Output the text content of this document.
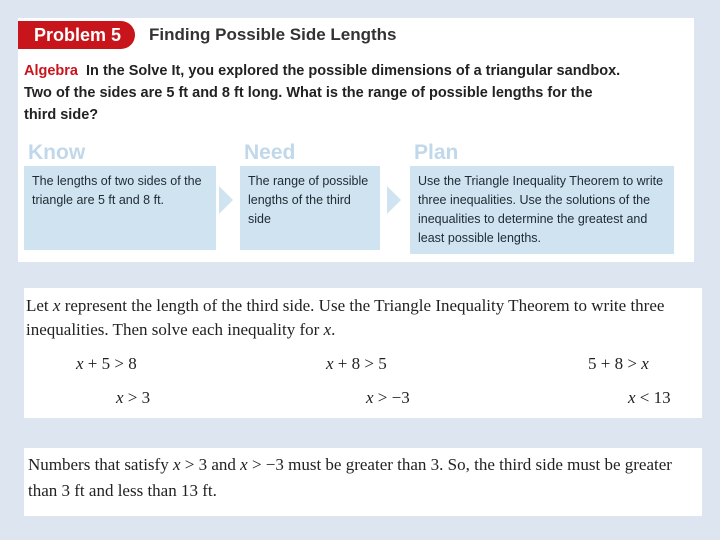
Problem 5	Finding Possible Side Lengths
Algebra In the Solve It, you explored the possible dimensions of a triangular sandbox. Two of the sides are 5 ft and 8 ft long. What is the range of possible lengths for the third side?
Know
The lengths of two sides of the triangle are 5 ft and 8 ft.
Need
The range of possible lengths of the third side
Plan
Use the Triangle Inequality Theorem to write three inequalities. Use the solutions of the inequalities to determine the greatest and least possible lengths.
Let x represent the length of the third side. Use the Triangle Inequality Theorem to write three inequalities. Then solve each inequality for x.
x + 5 > 8	x + 8 > 5	5 + 8 > x
x > 3	x > −3	x < 13
Numbers that satisfy x > 3 and x > −3 must be greater than 3. So, the third side must be greater than 3 ft and less than 13 ft.
